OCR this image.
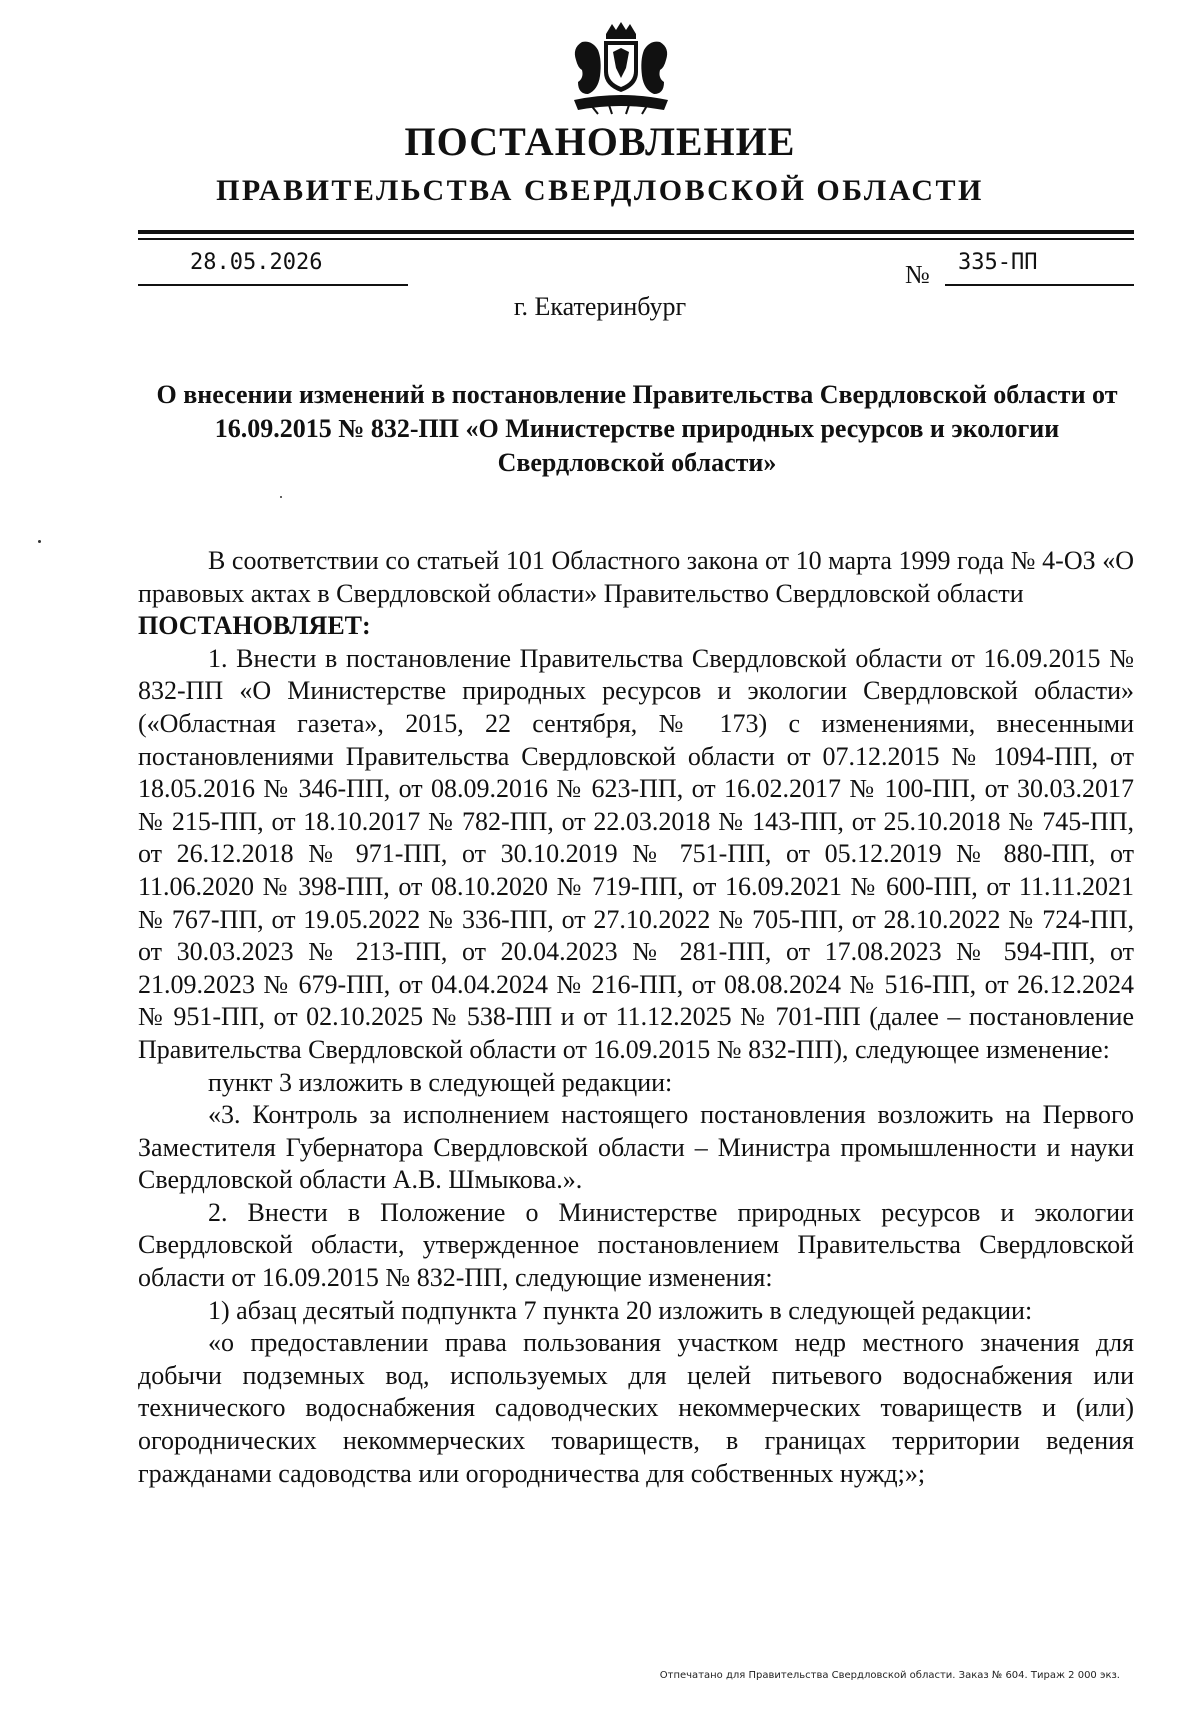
ПОСТАНОВЛЕНИЕ
ПРАВИТЕЛЬСТВА СВЕРДЛОВСКОЙ ОБЛАСТИ
28.05.2026	№ 335-ПП
г. Екатеринбург
О внесении изменений в постановление Правительства Свердловской области от 16.09.2015 № 832-ПП «О Министерстве природных ресурсов и экологии Свердловской области»

В соответствии со статьей 101 Областного закона от 10 марта 1999 года № 4-ОЗ «О правовых актах в Свердловской области» Правительство Свердловской области

ПОСТАНОВЛЯЕТ:

1. Внести в постановление Правительства Свердловской области от 16.09.2015 № 832-ПП «О Министерстве природных ресурсов и экологии Свердловской области» («Областная газета», 2015, 22 сентября, № 173) с изменениями, внесенными постановлениями Правительства Свердловской области от 07.12.2015 № 1094-ПП, от 18.05.2016 № 346-ПП, от 08.09.2016 № 623-ПП, от 16.02.2017 № 100-ПП, от 30.03.2017 № 215-ПП, от 18.10.2017 № 782-ПП, от 22.03.2018 № 143-ПП, от 25.10.2018 № 745-ПП, от 26.12.2018 № 971-ПП, от 30.10.2019 № 751-ПП, от 05.12.2019 № 880-ПП, от 11.06.2020 № 398-ПП, от 08.10.2020 № 719-ПП, от 16.09.2021 № 600-ПП, от 11.11.2021 № 767-ПП, от 19.05.2022 № 336-ПП, от 27.10.2022 № 705-ПП, от 28.10.2022 № 724-ПП, от 30.03.2023 № 213-ПП, от 20.04.2023 № 281-ПП, от 17.08.2023 № 594-ПП, от 21.09.2023 № 679-ПП, от 04.04.2024 № 216-ПП, от 08.08.2024 № 516-ПП, от 26.12.2024 № 951-ПП, от 02.10.2025 № 538-ПП и от 11.12.2025 № 701-ПП (далее – постановление Правительства Свердловской области от 16.09.2015 № 832-ПП), следующее изменение:

пункт 3 изложить в следующей редакции:

«3. Контроль за исполнением настоящего постановления возложить на Первого Заместителя Губернатора Свердловской области – Министра промышленности и науки Свердловской области А.В. Шмыкова.».

2. Внести в Положение о Министерстве природных ресурсов и экологии Свердловской области, утвержденное постановлением Правительства Свердловской области от 16.09.2015 № 832-ПП, следующие изменения:

1) абзац десятый подпункта 7 пункта 20 изложить в следующей редакции:

«о предоставлении права пользования участком недр местного значения для добычи подземных вод, используемых для целей питьевого водоснабжения или технического водоснабжения садоводческих некоммерческих товариществ и (или) огороднических некоммерческих товариществ, в границах территории ведения гражданами садоводства или огородничества для собственных нужд;»;

Отпечатано для Правительства Свердловской области. Заказ № 604. Тираж 2 000 экз.
